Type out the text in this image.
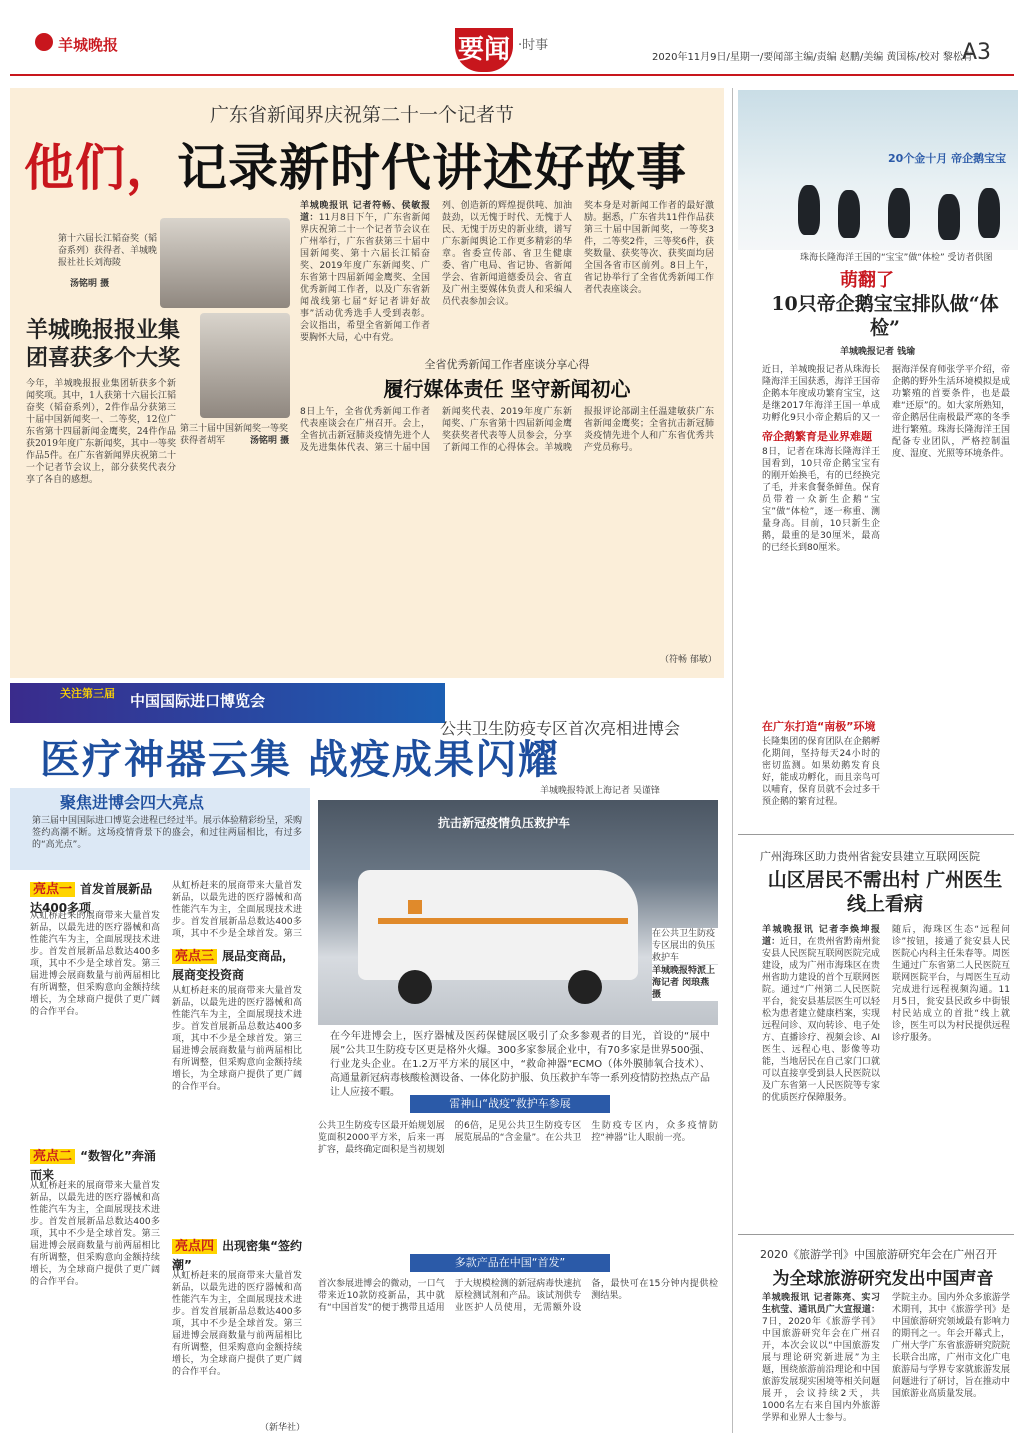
羊城晚报	要闻 ·时事
2020年11月9日/星期一/要闻部主编/责编 赵鹏/美编 黄国栋/校对 黎松青
A3
广东省新闻界庆祝第二十一个记者节
他们，记录新时代讲述好故事
第十六届长江韬奋奖（韬奋系列）获得者、羊城晚报社社长刘海陵
汤铭明 摄
羊城晚报报业集团喜获多个大奖
第三十届中国新闻奖一等奖获得者胡军	汤铭明 摄
今年，羊城晚报报业集团斩获多个新闻奖项。其中，1人获第十六届长江韬奋奖（韬奋系列），2件作品分获第三十届中国新闻奖一、二等奖，12位广东省第十四届新闻金鹰奖，24件作品获2019年度广东新闻奖，其中一等奖作品5件。在广东省新闻界庆祝第二十一个记者节会议上，部分获奖代表分享了各自的感想。
羊城晚报讯 记者符畅、侯敏报道：11月8日下午，广东省新闻界庆祝第二十一个记者节会议在广州举行，广东省获第三十届中国新闻奖、第十六届长江韬奋奖、2019年度广东新闻奖、广东省第十四届新闻金鹰奖、全国优秀新闻工作者，以及广东省新闻战线第七届“好记者讲好故事”活动优秀选手人受到表彰。会议指出，希望全省新闻工作者要胸怀大局，心中有党。
列、创造新的辉煌提供吨、加油鼓劲，以无愧于时代、无愧于人民、无愧于历史的新业绩，谱写广东新闻舆论工作更多精彩的华章。省委宣传部、省卫生健康委、省广电局、省记协、省新闻学会、省新闻道德委员会、省直及广州主要媒体负责人和采编人员代表参加会议。
奖本身是对新闻工作者的最好激励。据悉，广东省共11件作品获第三十届中国新闻奖，一等奖3件，二等奖2件，三等奖6件，获奖数量、获奖等次、获奖面均居全国各省市区前列。8日上午，省记协举行了全省优秀新闻工作者代表座谈会。
全省优秀新闻工作者座谈分享心得
履行媒体责任 坚守新闻初心
8日上午，全省优秀新闻工作者代表座谈会在广州召开。会上，全省抗击新冠肺炎疫情先进个人及先进集体代表、第三十届中国新闻奖代表、2019年度广东新闻奖、广东省第十四届新闻金鹰奖获奖者代表等人员参会，分享了新闻工作的心得体会。羊城晚报报评论部副主任温建敏获广东省新闻金鹰奖；全省抗击新冠肺炎疫情先进个人和广东省优秀共产党员称号。
（符畅 郁敏）
关注第三届 中国国际进口博览会
公共卫生防疫专区首次亮相进博会
医疗神器云集 战疫成果闪耀
羊城晚报特派上海记者 吴谨锋
聚焦进博会四大亮点
第三届中国国际进口博览会进程已经过半。展示体验精彩纷呈，采购签约高潮不断。这场疫情背景下的盛会，和过往两届相比，有过多的“高光点”。
亮点一 首发首展新品达400多项
亮点三 展品变商品，展商变投资商
亮点二 “数智化”奔涌而来
亮点四 出现密集“签约潮”
从虹桥赶来的展商带来大量首发新品，以最先进的医疗器械和高性能汽车为主，全面展现技术进步。首发首展新品总数达400多项，其中不少是全球首发。第三届进博会展商数量与前两届相比有所调整，但采购意向金额持续增长，为全球商户提供了更广阔的合作平台。
从虹桥赶来的展商带来大量首发新品，以最先进的医疗器械和高性能汽车为主，全面展现技术进步。首发首展新品总数达400多项，其中不少是全球首发。第三届进博会展商数量与前两届相比有所调整，但采购意向金额持续增长，为全球商户提供了更广阔的合作平台。
从虹桥赶来的展商带来大量首发新品，以最先进的医疗器械和高性能汽车为主，全面展现技术进步。首发首展新品总数达400多项，其中不少是全球首发。第三
从虹桥赶来的展商带来大量首发新品，以最先进的医疗器械和高性能汽车为主，全面展现技术进步。首发首展新品总数达400多项，其中不少是全球首发。第三届进博会展商数量与前两届相比有所调整，但采购意向金额持续增长，为全球商户提供了更广阔的合作平台。
从虹桥赶来的展商带来大量首发新品，以最先进的医疗器械和高性能汽车为主，全面展现技术进步。首发首展新品总数达400多项，其中不少是全球首发。第三届进博会展商数量与前两届相比有所调整，但采购意向金额持续增长，为全球商户提供了更广阔的合作平台。
抗击新冠疫情负压救护车
在公共卫生防疫专区展出的负压救护车
羊城晚报特派上海记者 闵琅燕 摄
在今年进博会上，医疗器械及医药保健展区吸引了众多参观者的目光，首设的“展中展”公共卫生防疫专区更是格外火爆。300多家参展企业中，有70多家是世界500强、行业龙头企业。在1.2万平方米的展区中，“救命神器”ECMO（体外膜肺氧合技术）、高通量新冠病毒核酸检测设备、一体化防护服、负压救护车等一系列疫情防控热点产品让人应接不暇。
雷神山“战疫”救护车参展
公共卫生防疫专区最开始规划展览面积2000平方米，后来一再扩容，最终确定面积是当初规划的6倍，足见公共卫生防疫专区展览展品的“含金量”。在公共卫生防疫专区内，众多疫情防控“神器”让人眼前一亮。
多款产品在中国“首发”
首次参展进博会的微动，一口气带来近10款防疫新品，其中就有“中国首发”的便于携带且适用于大规模检测的新冠病毒快速抗原检测试剂和产品。该试剂供专业医护人员使用，无需额外设备，最快可在15分钟内提供检测结果。
（新华社）
20个金十月 帝企鹅宝宝
珠海长隆海洋王国的“宝宝”做“体检” 受访者供图
萌翻了
10只帝企鹅宝宝排队做“体检”
羊城晚报记者 钱瑜
近日，羊城晚报记者从珠海长隆海洋王国获悉，海洋王国帝企鹅本年度成功繁育宝宝，这是继2017年海洋王国一单成功孵化9只小帝企鹅后的又一
帝企鹅繁育是业界难题
8日，记者在珠海长隆海洋王国看到，10只帝企鹅宝宝有的刚开始换毛，有的已经换完了毛，并来食餐条鲜鱼。保育员带着一众新生企鹅“宝宝”做“体检”，逐一称重、测量身高。目前，10只新生企鹅，最重的是30厘米，最高的已经长到80厘米。
在广东打造“南极”环境
长隆集团的保育团队在企鹅孵化期间，坚持每天24小时的密切监测。如果幼鹅发育良好，能成功孵化，而且亲鸟可以哺育，保育员就不会过多干预企鹅的繁育过程。
据海洋保育师张学平介绍，帝企鹅的野外生活环境模拟是成功繁殖的首要条件，也是最难“还原”的。如大家所熟知，帝企鹅居住南极最严寒的冬季进行繁殖。珠海长隆海洋王国配备专业团队，严格控制温度、湿度、光照等环境条件。
广州海珠区助力贵州省瓮安县建立互联网医院
山区居民不需出村 广州医生线上看病
羊城晚报讯 记者李焕坤报道：近日，在贵州省黔南州瓮安县人民医院互联网医院完成建设，成为广州市海珠区在贵州省助力建设的首个互联网医院。通过“广州第二人民医院平台，瓮安县基层医生可以轻松为患者建立健康档案，实现远程问诊、双向转诊、电子处方、直播诊疗、视频会诊、AI医生、远程心电、影像等功能，当地居民在自己家门口就可以直接享受到县人民医院以及广东省第一人民医院等专家的优质医疗保障服务。
随后，海珠区生态“远程问诊”按钮，接通了瓮安县人民医院心内科主任朱春等。周医生通过广东省第二人民医院互联网医院平台，与周医生互动完成进行远程视频沟通。11月5日，瓮安县民政乡中街银村民站成立的首批“线上就诊，医生可以为村民提供远程诊疗服务。
2020《旅游学刊》中国旅游研究年会在广州召开
为全球旅游研究发出中国声音
羊城晚报讯 记者陈亮、实习生杭莹、通讯员广大宣报道：7日，2020年《旅游学刊》中国旅游研究年会在广州召开，本次会议以“中国旅游发展与理论研究新进展”为主题，围绕旅游前沿理论和中国旅游发展现实困境等相关问题展开，会议持续2天，共1000名左右来自国内外旅游学界和业界人士参与。
学院主办。国内外众多旅游学术期刊，其中《旅游学刊》是中国旅游研究领域最有影响力的期刊之一。年会开幕式上，广州大学广东省旅游研究院院长联合出席，广州市文化广电旅游局与学界专家就旅游发展问题进行了研讨，旨在推动中国旅游业高质量发展。
